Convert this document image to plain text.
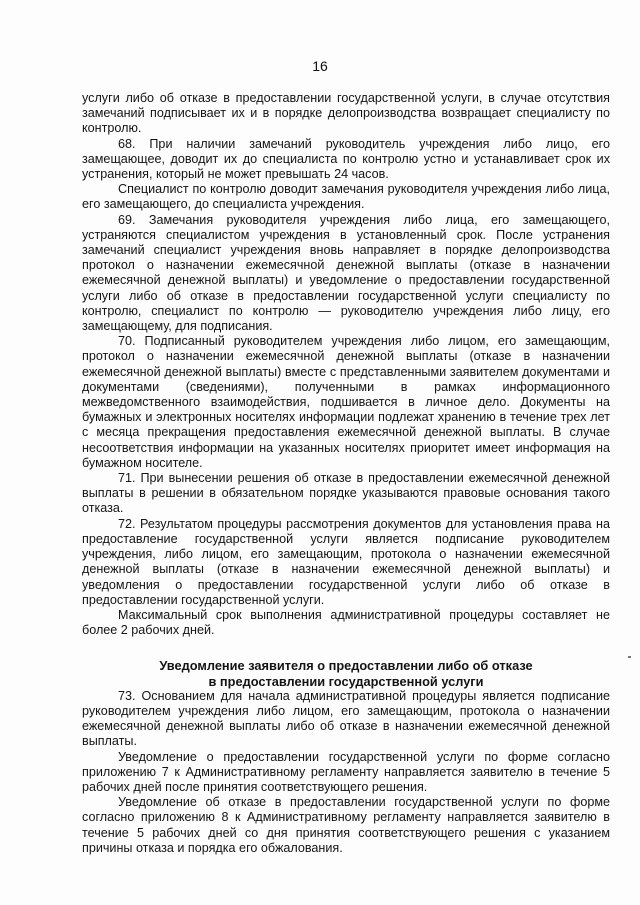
16

услуги либо об отказе в предоставлении государственной услуги, в случае отсутствия замечаний подписывает их и в порядке делопроизводства возвращает специалисту по контролю.

68. При наличии замечаний руководитель учреждения либо лицо, его замещающее, доводит их до специалиста по контролю устно и устанавливает срок их устранения, который не может превышать 24 часов.

Специалист по контролю доводит замечания руководителя учреждения либо лица, его замещающего, до специалиста учреждения.

69. Замечания руководителя учреждения либо лица, его замещающего, устраняются специалистом учреждения в установленный срок. После устранения замечаний специалист учреждения вновь направляет в порядке делопроизводства протокол о назначении ежемесячной денежной выплаты (отказе в назначении ежемесячной денежной выплаты) и уведомление о предоставлении государственной услуги либо об отказе в предоставлении государственной услуги специалисту по контролю, специалист по контролю — руководителю учреждения либо лицу, его замещающему, для подписания.

70. Подписанный руководителем учреждения либо лицом, его замещающим, протокол о назначении ежемесячной денежной выплаты (отказе в назначении ежемесячной денежной выплаты) вместе с представленными заявителем документами и документами (сведениями), полученными в рамках информационного межведомственного взаимодействия, подшивается в личное дело. Документы на бумажных и электронных носителях информации подлежат хранению в течение трех лет с месяца прекращения предоставления ежемесячной денежной выплаты. В случае несоответствия информации на указанных носителях приоритет имеет информация на бумажном носителе.

71. При вынесении решения об отказе в предоставлении ежемесячной денежной выплаты в решении в обязательном порядке указываются правовые основания такого отказа.

72. Результатом процедуры рассмотрения документов для установления права на предоставление государственной услуги является подписание руководителем учреждения, либо лицом, его замещающим, протокола о назначении ежемесячной денежной выплаты (отказе в назначении ежемесячной денежной выплаты) и уведомления о предоставлении государственной услуги либо об отказе в предоставлении государственной услуги.

Максимальный срок выполнения административной процедуры составляет не более 2 рабочих дней.

Уведомление заявителя о предоставлении либо об отказе
в предоставлении государственной услуги

73. Основанием для начала административной процедуры является подписание руководителем учреждения либо лицом, его замещающим, протокола о назначении ежемесячной денежной выплаты либо об отказе в назначении ежемесячной денежной выплаты.

Уведомление о предоставлении государственной услуги по форме согласно приложению 7 к Административному регламенту направляется заявителю в течение 5 рабочих дней после принятия соответствующего решения.

Уведомление об отказе в предоставлении государственной услуги по форме согласно приложению 8 к Административному регламенту направляется заявителю в течение 5 рабочих дней со дня принятия соответствующего решения с указанием причины отказа и порядка его обжалования.
